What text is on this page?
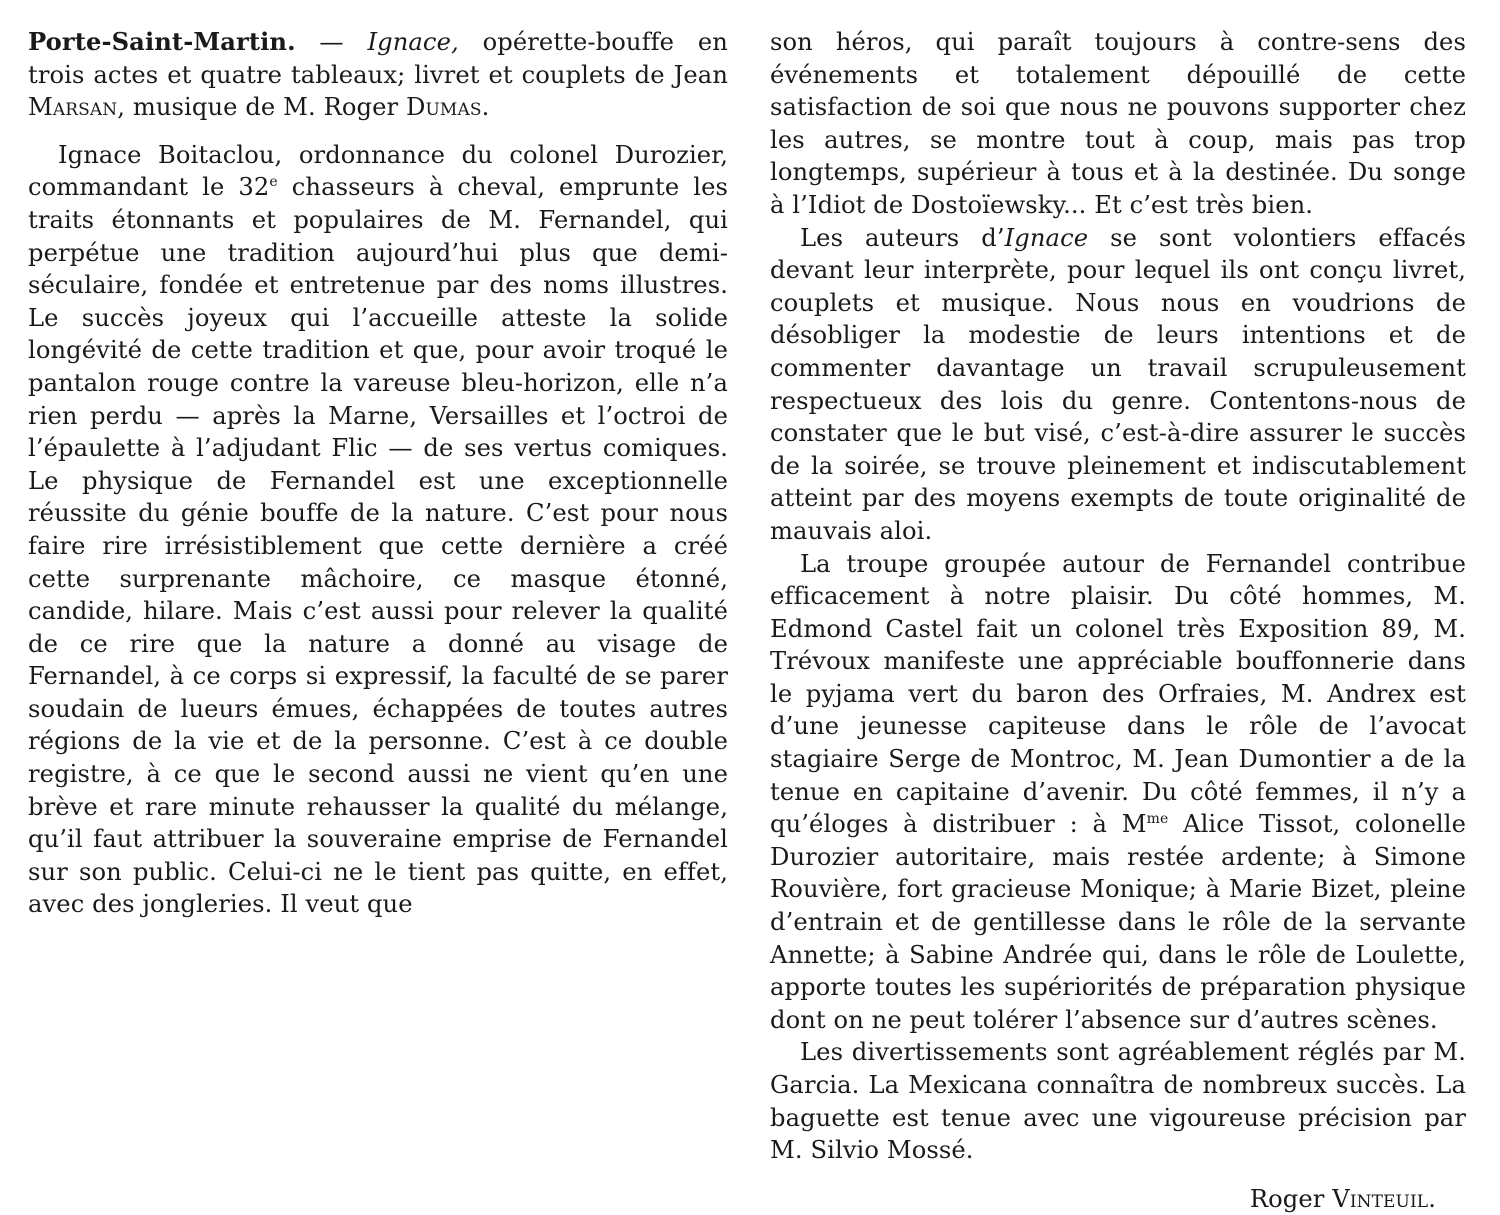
Porte-Saint-Martin. — Ignace, opérette-bouffe en trois actes et quatre tableaux; livret et couplets de Jean Marsan, musique de M. Roger Dumas.

Ignace Boitaclou, ordonnance du colonel Durozier, commandant le 32e chasseurs à cheval, emprunte les traits étonnants et populaires de M. Fernandel, qui perpétue une tradition aujourd’hui plus que demi-séculaire, fondée et entretenue par des noms illustres. Le succès joyeux qui l’accueille atteste la solide longévité de cette tradition et que, pour avoir troqué le pantalon rouge contre la vareuse bleu-horizon, elle n’a rien perdu — après la Marne, Versailles et l’octroi de l’épaulette à l’adjudant Flic — de ses vertus comiques. Le physique de Fernandel est une exceptionnelle réussite du génie bouffe de la nature. C’est pour nous faire rire irrésistiblement que cette dernière a créé cette surprenante mâchoire, ce masque étonné, candide, hilare. Mais c’est aussi pour relever la qualité de ce rire que la nature a donné au visage de Fernandel, à ce corps si expressif, la faculté de se parer soudain de lueurs émues, échappées de toutes autres régions de la vie et de la personne. C’est à ce double registre, à ce que le second aussi ne vient qu’en une brève et rare minute rehausser la qualité du mélange, qu’il faut attribuer la souveraine emprise de Fernandel sur son public. Celui-ci ne le tient pas quitte, en effet, avec des jongleries. Il veut que

son héros, qui paraît toujours à contre-sens des événements et totalement dépouillé de cette satisfaction de soi que nous ne pouvons supporter chez les autres, se montre tout à coup, mais pas trop longtemps, supérieur à tous et à la destinée. Du songe à l’Idiot de Dostoïewsky... Et c’est très bien.

Les auteurs d’Ignace se sont volontiers effacés devant leur interprète, pour lequel ils ont conçu livret, couplets et musique. Nous nous en voudrions de désobliger la modestie de leurs intentions et de commenter davantage un travail scrupuleusement respectueux des lois du genre. Contentons-nous de constater que le but visé, c’est-à-dire assurer le succès de la soirée, se trouve pleinement et indiscutablement atteint par des moyens exempts de toute originalité de mauvais aloi.

La troupe groupée autour de Fernandel contribue efficacement à notre plaisir. Du côté hommes, M. Edmond Castel fait un colonel très Exposition 89, M. Trévoux manifeste une appréciable bouffonnerie dans le pyjama vert du baron des Orfraies, M. Andrex est d’une jeunesse capiteuse dans le rôle de l’avocat stagiaire Serge de Montroc, M. Jean Dumontier a de la tenue en capitaine d’avenir. Du côté femmes, il n’y a qu’éloges à distribuer : à $M^{me}$ Alice Tissot, colonelle Durozier autoritaire, mais restée ardente; à Simone Rouvière, fort gracieuse Monique; à Marie Bizet, pleine d’entrain et de gentillesse dans le rôle de la servante Annette; à Sabine Andrée qui, dans le rôle de Loulette, apporte toutes les supériorités de préparation physique dont on ne peut tolérer l’absence sur d’autres scènes.

Les divertissements sont agréablement réglés par M. Garcia. La Mexicana connaîtra de nombreux succès. La baguette est tenue avec une vigoureuse précision par M. Silvio Mossé.

Roger Vinteuil.
